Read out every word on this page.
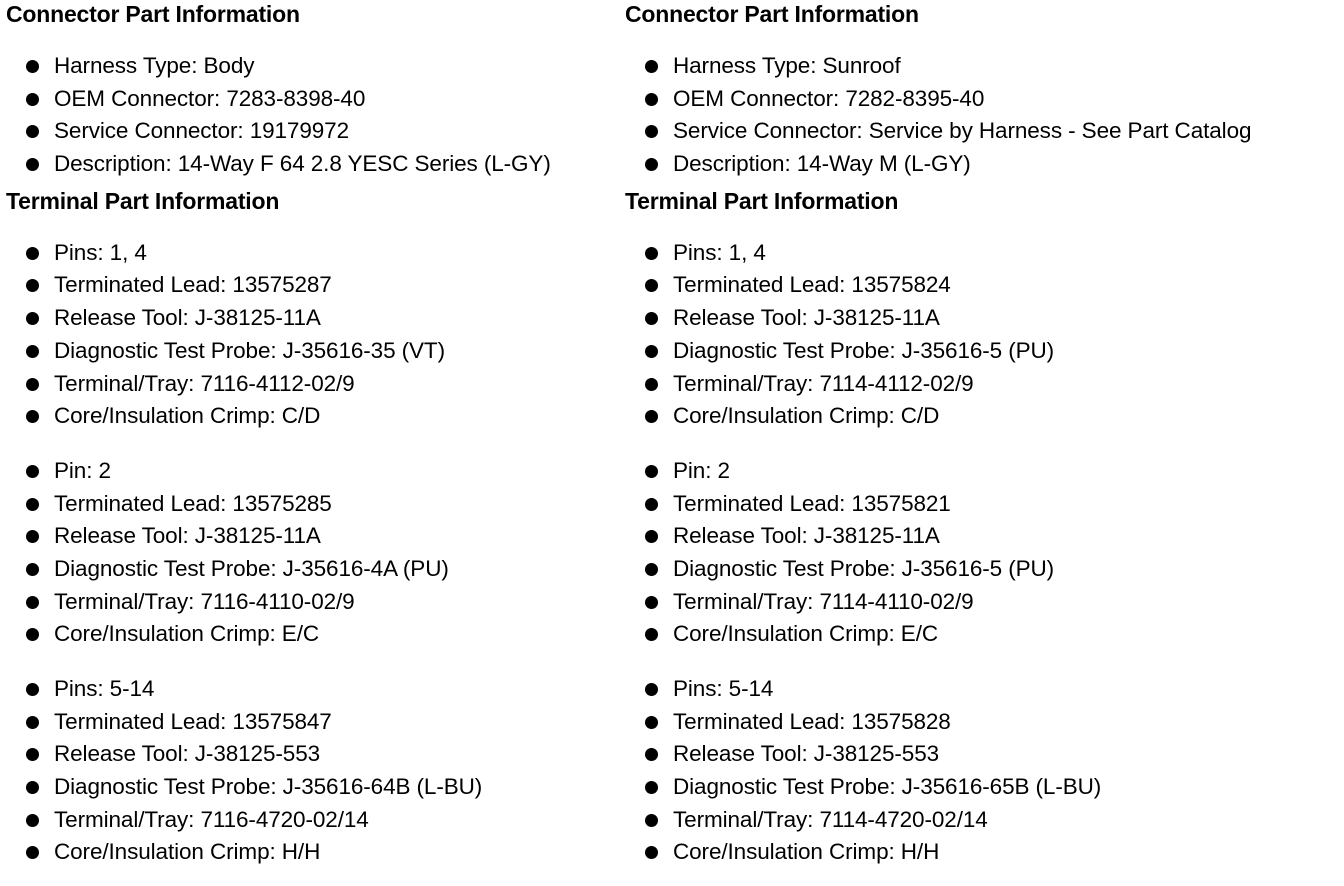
Connector Part Information
Harness Type: Body
OEM Connector: 7283-8398-40
Service Connector: 19179972
Description: 14-Way F 64 2.8 YESC Series (L-GY)
Terminal Part Information
Pins: 1, 4
Terminated Lead: 13575287
Release Tool: J-38125-11A
Diagnostic Test Probe: J-35616-35 (VT)
Terminal/Tray: 7116-4112-02/9
Core/Insulation Crimp: C/D
Pin: 2
Terminated Lead: 13575285
Release Tool: J-38125-11A
Diagnostic Test Probe: J-35616-4A (PU)
Terminal/Tray: 7116-4110-02/9
Core/Insulation Crimp: E/C
Pins: 5-14
Terminated Lead: 13575847
Release Tool: J-38125-553
Diagnostic Test Probe: J-35616-64B (L-BU)
Terminal/Tray: 7116-4720-02/14
Core/Insulation Crimp: H/H
Connector Part Information
Harness Type: Sunroof
OEM Connector: 7282-8395-40
Service Connector: Service by Harness - See Part Catalog
Description: 14-Way M (L-GY)
Terminal Part Information
Pins: 1, 4
Terminated Lead: 13575824
Release Tool: J-38125-11A
Diagnostic Test Probe: J-35616-5 (PU)
Terminal/Tray: 7114-4112-02/9
Core/Insulation Crimp: C/D
Pin: 2
Terminated Lead: 13575821
Release Tool: J-38125-11A
Diagnostic Test Probe: J-35616-5 (PU)
Terminal/Tray: 7114-4110-02/9
Core/Insulation Crimp: E/C
Pins: 5-14
Terminated Lead: 13575828
Release Tool: J-38125-553
Diagnostic Test Probe: J-35616-65B (L-BU)
Terminal/Tray: 7114-4720-02/14
Core/Insulation Crimp: H/H
